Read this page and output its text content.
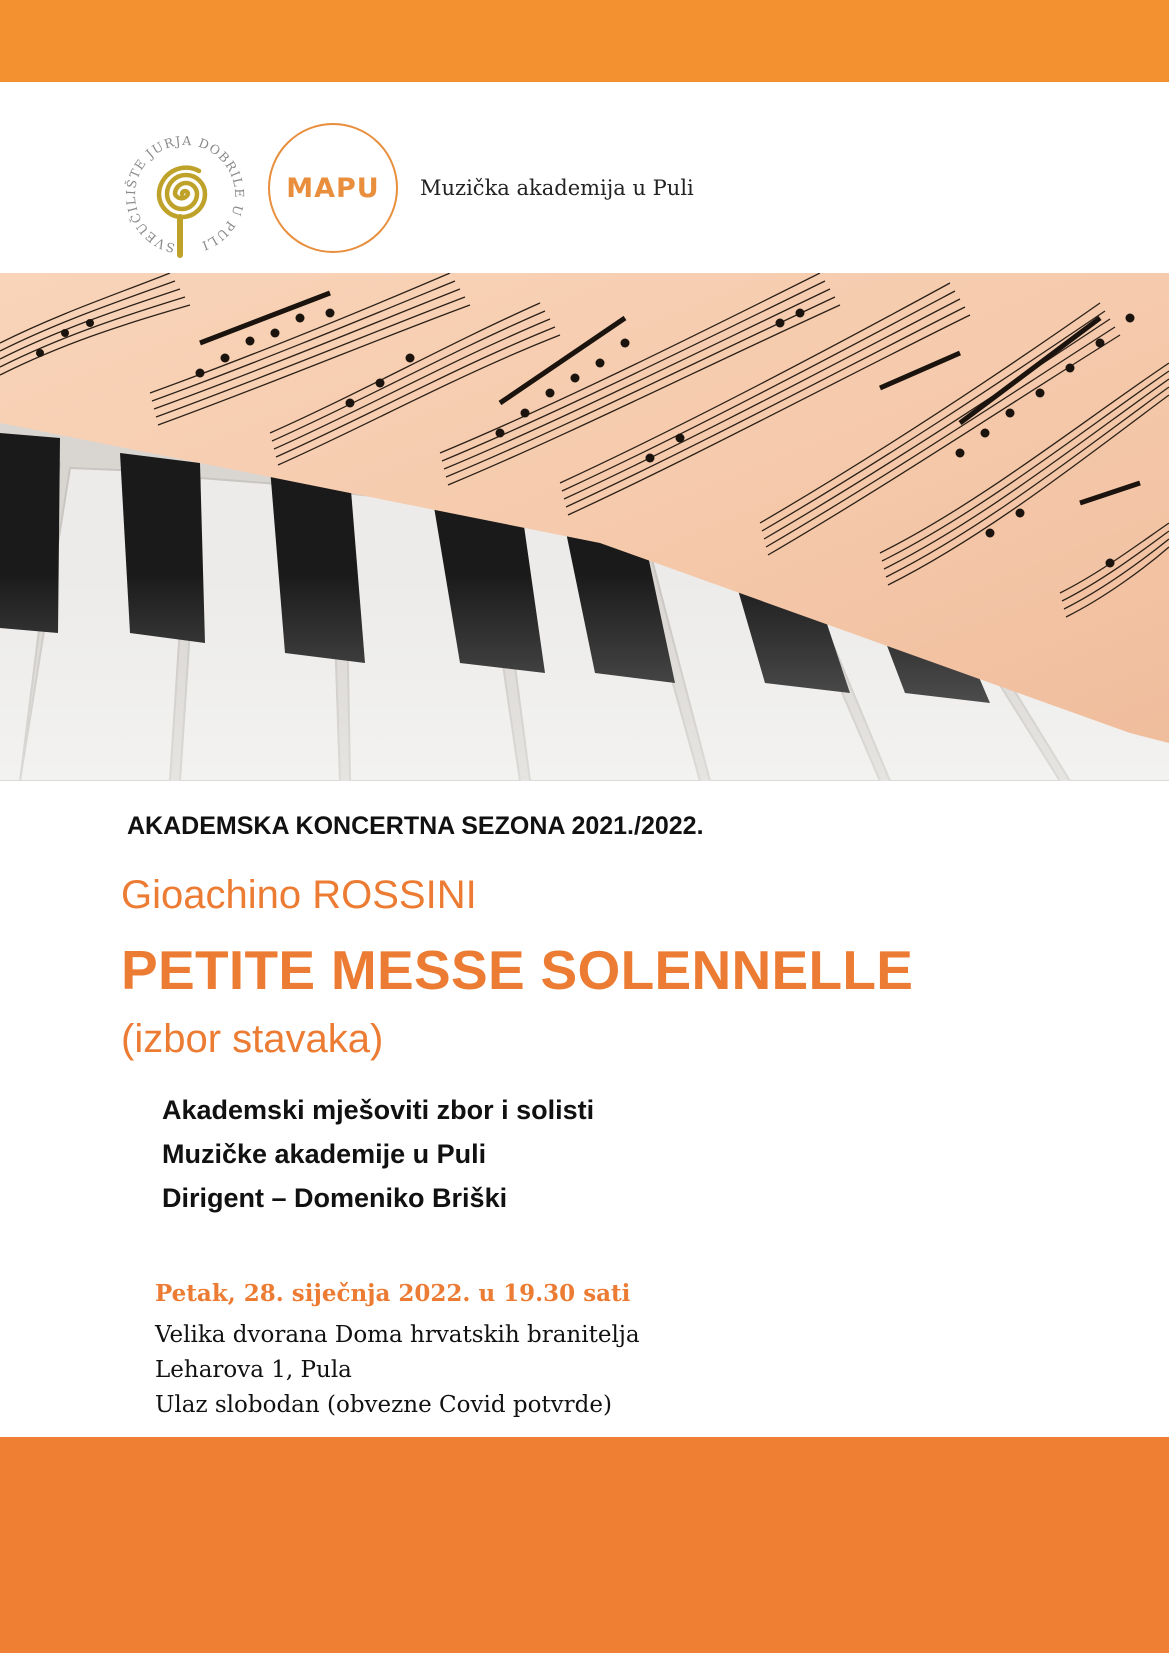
SVEUČILIŠTE JURJA DOBRILE U PULI
MAPU Muzička akademija u Puli
AKADEMSKA KONCERTNA SEZONA 2021./2022.
Gioachino ROSSINI
PETITE MESSE SOLENNELLE
(izbor stavaka)
Akademski mješoviti zbor i solisti
Muzičke akademije u Puli
Dirigent – Domeniko Briški
Petak, 28. siječnja 2022. u 19.30 sati
Velika dvorana Doma hrvatskih branitelja
Leharova 1, Pula
Ulaz slobodan (obvezne Covid potvrde)
